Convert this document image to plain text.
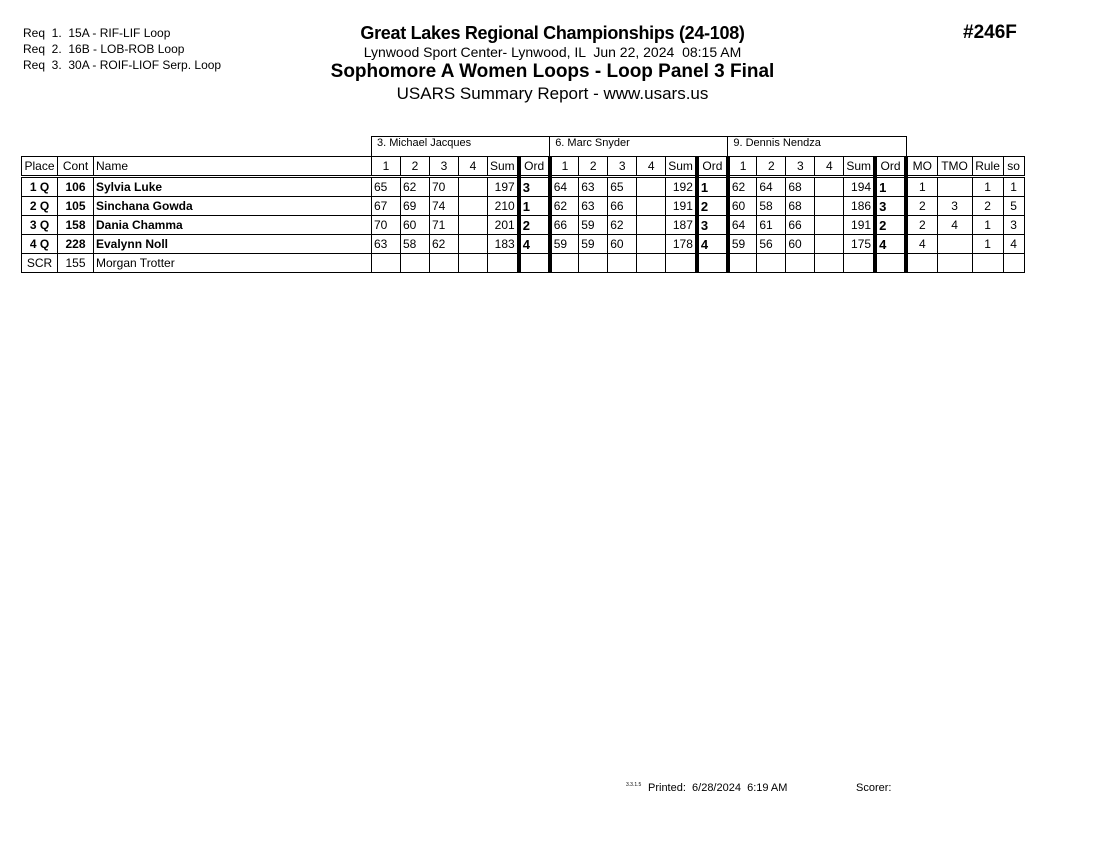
Req  1.  15A - RIF-LIF Loop
Req  2.  16B - LOB-ROB Loop
Req  3.  30A - ROIF-LIOF Serp. Loop
Great Lakes Regional Championships (24-108)
Lynwood Sport Center- Lynwood, IL  Jun 22, 2024  08:15 AM
Sophomore A Women Loops - Loop Panel 3 Final
USARS Summary Report - www.usars.us
#246F
			3. Michael Jacques						6. Marc Snyder						9. Dennis Nendza									
Place	Cont	Name	1	2	3	4	Sum	Ord	1	2	3	4	Sum	Ord	1	2	3	4	Sum	Ord	MO	TMO	Rule	so
1 Q	106	Sylvia Luke	65	62	70		197	3	64	63	65		192	1	62	64	68		194	1	1		1	1
2 Q	105	Sinchana Gowda	67	69	74		210	1	62	63	66		191	2	60	58	68		186	3	2	3	2	5
3 Q	158	Dania Chamma	70	60	71		201	2	66	59	62		187	3	64	61	66		191	2	2	4	1	3
4 Q	228	Evalynn Noll	63	58	62		183	4	59	59	60		178	4	59	56	60		175	4	4		1	4
SCR	155	Morgan Trotter																						
3.3.1.5 Printed:  6/28/2024  6:19 AM	Scorer:
